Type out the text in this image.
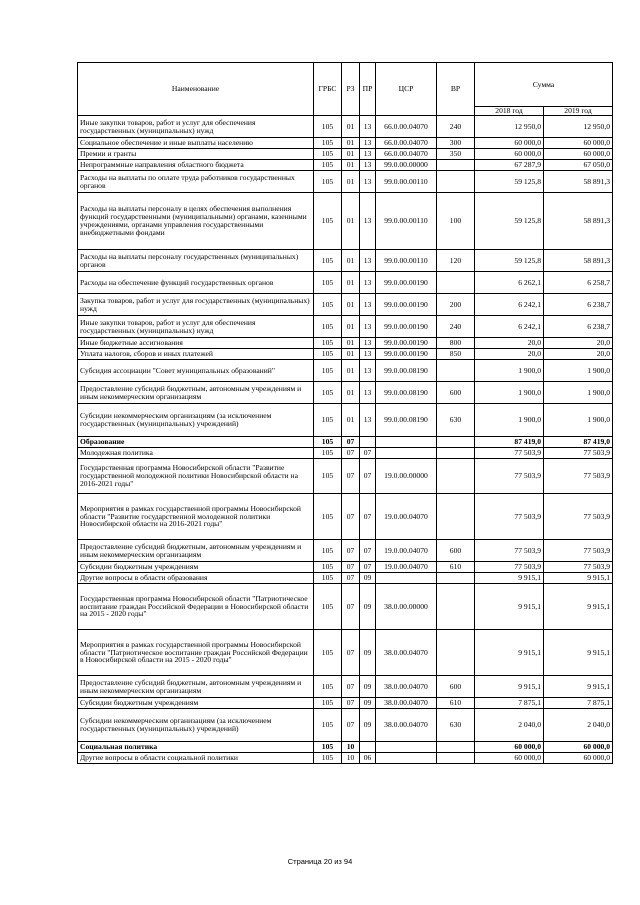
Наименование	ГРБС	РЗ	ПР	ЦСР	ВР	Сумма	
						2018 год	2019 год
Иные закупки товаров, работ и услуг для обеспечения государственных (муниципальных) нужд	105	01	13	66.0.00.04070	240	12 950,0	12 950,0
Социальное обеспечение и иные выплаты населению	105	01	13	66.0.00.04070	300	60 000,0	60 000,0
Премии и гранты	105	01	13	66.0.00.04070	350	60 000,0	60 000,0
Непрограммные направления областного бюджета	105	01	13	99.0.00.00000		67 287,9	67 050,0
Расходы на выплаты по оплате труда работников государственных органов	105	01	13	99.0.00.00110		59 125,8	58 891,3
Расходы на выплаты персоналу в целях обеспечения выполнения функций государственными (муниципальными) органами, казенными учреждениями, органами управления государственными внебюджетными фондами	105	01	13	99.0.00.00110	100	59 125,8	58 891,3
Расходы на выплаты персоналу государственных (муниципальных) органов	105	01	13	99.0.00.00110	120	59 125,8	58 891,3
Расходы на обеспечение функций государственных органов	105	01	13	99.0.00.00190		6 262,1	6 258,7
Закупка товаров, работ и услуг для государственных (муниципальных) нужд	105	01	13	99.0.00.00190	200	6 242,1	6 238,7
Иные закупки товаров, работ и услуг для обеспечения государственных (муниципальных) нужд	105	01	13	99.0.00.00190	240	6 242,1	6 238,7
Иные бюджетные ассигнования	105	01	13	99.0.00.00190	800	20,0	20,0
Уплата налогов, сборов и иных платежей	105	01	13	99.0.00.00190	850	20,0	20,0
Субсидия ассоциации "Совет муниципальных образований"	105	01	13	99.0.00.08190		1 900,0	1 900,0
Предоставление субсидий бюджетным, автономным учреждениям и иным некоммерческим организациям	105	01	13	99.0.00.08190	600	1 900,0	1 900,0
Субсидии некоммерческим организациям (за исключением государственных (муниципальных) учреждений)	105	01	13	99.0.00.08190	630	1 900,0	1 900,0
Образование	105	07				87 419,0	87 419,0
Молодежная политика	105	07	07			77 503,9	77 503,9
Государственная программа Новосибирской области "Развитие государственной молодежной политики Новосибирской области на 2016-2021 годы"	105	07	07	19.0.00.00000		77 503,9	77 503,9
Мероприятия в рамках государственной программы Новосибирской области "Развитие государственной молодежной политики Новосибирской области на 2016-2021 годы"	105	07	07	19.0.00.04070		77 503,9	77 503,9
Предоставление субсидий бюджетным, автономным учреждениям и иным некоммерческим организациям	105	07	07	19.0.00.04070	600	77 503,9	77 503,9
Субсидии бюджетным учреждениям	105	07	07	19.0.00.04070	610	77 503,9	77 503,9
Другие вопросы в области образования	105	07	09			9 915,1	9 915,1
Государственная программа Новосибирской области "Патриотическое воспитание граждан Российской Федерации в Новосибирской области на 2015 - 2020 годы"	105	07	09	38.0.00.00000		9 915,1	9 915,1
Мероприятия в рамках государственной программы Новосибирской области "Патриотическое воспитание граждан Российской Федерации в Новосибирской области на 2015 - 2020 годы"	105	07	09	38.0.00.04070		9 915,1	9 915,1
Предоставление субсидий бюджетным, автономным учреждениям и иным некоммерческим организациям	105	07	09	38.0.00.04070	600	9 915,1	9 915,1
Субсидии бюджетным учреждениям	105	07	09	38.0.00.04070	610	7 875,1	7 875,1
Субсидии некоммерческим организациям (за исключением государственных (муниципальных) учреждений)	105	07	09	38.0.00.04070	630	2 040,0	2 040,0
Социальная политика	105	10				60 000,0	60 000,0
Другие вопросы в области социальной политики	105	10	06			60 000,0	60 000,0
Страница 20 из 94
